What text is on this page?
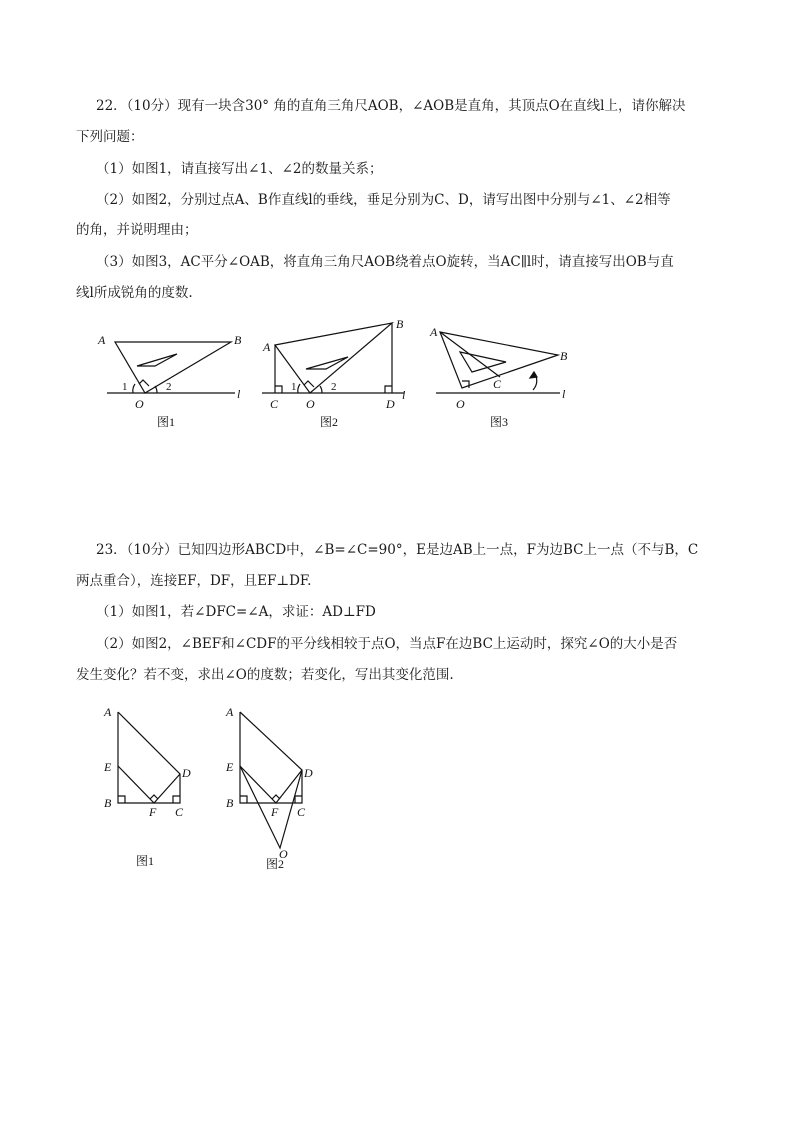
22．（10分）现有一块含30° 角的直角三角尺AOB，∠AOB是直角，其顶点O在直线l上，请你解决
下列问题：
（1）如图1，请直接写出∠1、∠2的数量关系；
（2）如图2，分别过点A、B作直线l的垂线，垂足分别为C、D，请写出图中分别与∠1、∠2相等
的角，并说明理由；
（3）如图3，AC平分∠OAB，将直角三角尺AOB绕着点O旋转，当AC∥l时，请直接写出OB与直
线l所成锐角的度数.
A	B
O
l
1	2
图1
A
B
C O	D
l
1	2
图2
A
B
C
O
l
图3
23．（10分）已知四边形ABCD中，∠B=∠C=90°，E是边AB上一点，F为边BC上一点（不与B，C
两点重合），连接EF，DF，且EF⊥DF.
（1）如图1，若∠DFC=∠A，求证：AD⊥FD
（2）如图2，∠BEF和∠CDF的平分线相较于点O，当点F在边BC上运动时，探究∠O的大小是否
发生变化？若不变，求出∠O的度数；若变化，写出其变化范围.
A
E	D
B
F C
图1
A
E	D
B
F C
O
图2
